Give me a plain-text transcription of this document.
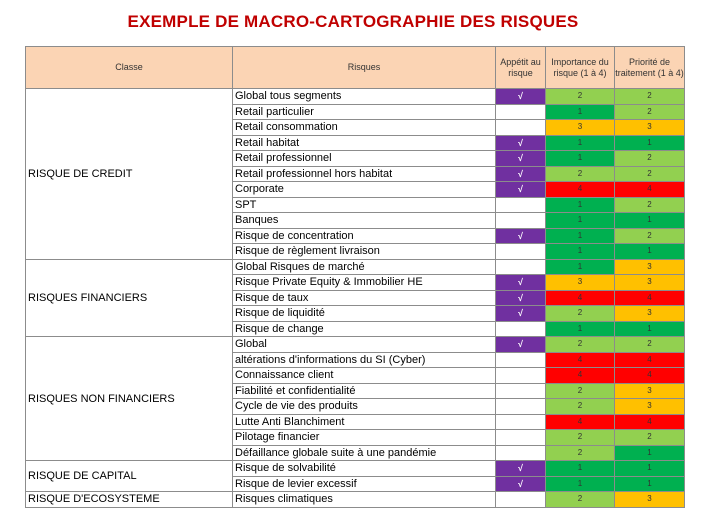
EXEMPLE DE MACRO-CARTOGRAPHIE DES RISQUES
Classe	Risques	Appétit au risque	Importance du risque (1 à 4)	Priorité de traitement (1 à 4)
RISQUE DE CREDIT	Global tous segments	√	2	2
	Retail particulier		1	2
	Retail consommation		3	3
	Retail habitat	√	1	1
	Retail professionnel	√	1	2
	Retail professionnel hors habitat	√	2	2
	Corporate	√	4	4
	SPT		1	2
	Banques		1	1
	Risque de concentration	√	1	2
	Risque de règlement livraison		1	1
RISQUES FINANCIERS	Global Risques de marché		1	3
	Risque Private Equity & Immobilier HE	√	3	3
	Risque de taux	√	4	4
	Risque de liquidité	√	2	3
	Risque de change		1	1
RISQUES NON FINANCIERS	Global	√	2	2
	altérations d'informations du SI (Cyber)		4	4
	Connaissance client		4	4
	Fiabilité et confidentialité		2	3
	Cycle de vie des produits		2	3
	Lutte Anti Blanchiment		4	4
	Pilotage financier		2	2
	Défaillance globale suite à une pandémie		2	1
RISQUE DE CAPITAL	Risque de solvabilité	√	1	1
	Risque de levier excessif	√	1	1
RISQUE D'ECOSYSTEME	Risques climatiques		2	3
